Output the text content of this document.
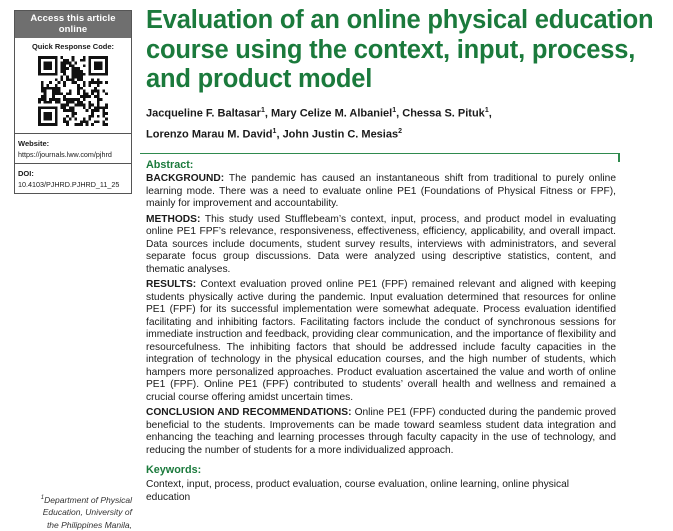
Access this article online
Quick Response Code:
Website:
https://journals.lww.com/pjhrd
DOI:
10.4103/PJHRD.PJHRD_11_25
$^1$Department of Physical
Education, University of
the Philippines Manila,
Evaluation of an online physical education course using the context, input, process, and product model
Jacqueline F. Baltasar$^1$, Mary Celize M. Albaniel$^1$, Chessa S. Pituk$^1$,
Lorenzo Marau M. David$^1$, John Justin C. Mesias$^2$
Abstract:

BACKGROUND: The pandemic has caused an instantaneous shift from traditional to purely online learning mode. There was a need to evaluate online PE1 (Foundations of Physical Fitness or FPF), mainly for improvement and accountability.

METHODS: This study used Stufflebeam’s context, input, process, and product model in evaluating online PE1 FPF’s relevance, responsiveness, effectiveness, efficiency, applicability, and overall impact. Data sources include documents, student survey results, interviews with administrators, and several separate focus group discussions. Data were analyzed using descriptive statistics, content, and thematic analyses.

RESULTS: Context evaluation proved online PE1 (FPF) remained relevant and aligned with keeping students physically active during the pandemic. Input evaluation determined that resources for online PE1 (FPF) for its successful implementation were somewhat adequate. Process evaluation identified facilitating and inhibiting factors. Facilitating factors include the conduct of synchronous sessions for immediate instruction and feedback, providing clear communication, and the importance of flexibility and resourcefulness. The inhibiting factors that should be addressed include faculty capacities in the integration of technology in the physical education courses, and the high number of students, which hampers more personalized approaches. Product evaluation ascertained the value and worth of online PE1 (FPF). Online PE1 (FPF) contributed to students’ overall health and wellness and remained a crucial course offering amidst uncertain times.

CONCLUSION AND RECOMMENDATIONS: Online PE1 (FPF) conducted during the pandemic proved beneficial to the students. Improvements can be made toward seamless student data integration and enhancing the teaching and learning processes through faculty capacity in the use of technology, and reducing the number of students for a more individualized approach.

Keywords:
Context, input, process, product evaluation, course evaluation, online learning, online physical education
